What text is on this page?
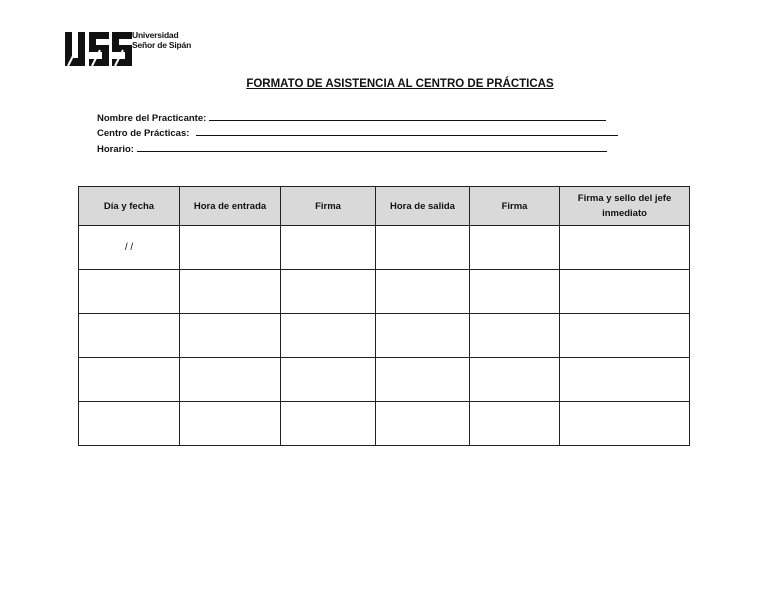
Universidad
Señor de Sipán
FORMATO DE ASISTENCIA AL CENTRO DE PRÁCTICAS
Nombre del Practicante:
Centro de Prácticas:
Horario:
Día y fecha	Hora de entrada	Firma	Hora de salida	Firma	Firma y sello del jefe inmediato
/ /					
